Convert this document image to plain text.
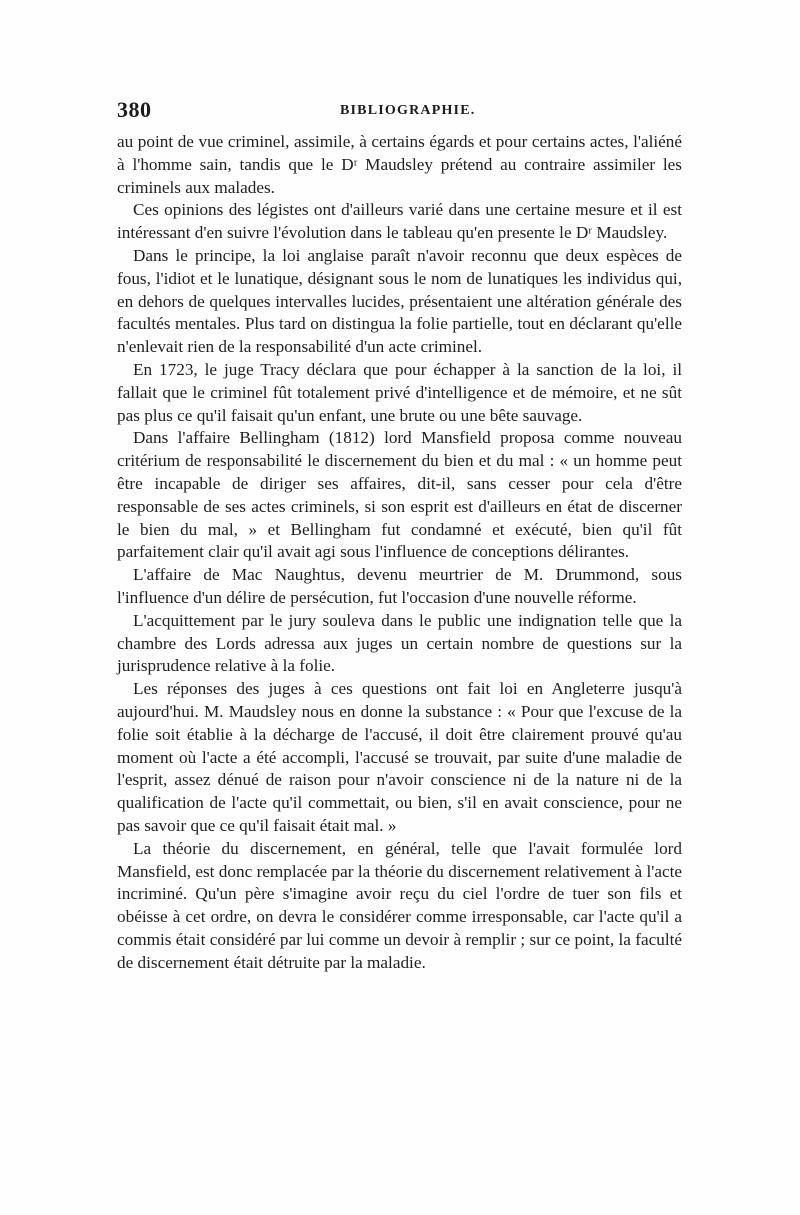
380	BIBLIOGRAPHIE.

au point de vue criminel, assimile, à certains égards et pour certains actes, l'aliéné à l'homme sain, tandis que le Dʳ Maudsley prétend au contraire assimiler les criminels aux malades.

Ces opinions des légistes ont d'ailleurs varié dans une certaine mesure et il est intéressant d'en suivre l'évolution dans le tableau qu'en presente le Dʳ Maudsley.

Dans le principe, la loi anglaise paraît n'avoir reconnu que deux espèces de fous, l'idiot et le lunatique, désignant sous le nom de lunatiques les individus qui, en dehors de quelques intervalles lucides, présentaient une altération générale des facultés mentales. Plus tard on distingua la folie partielle, tout en déclarant qu'elle n'enlevait rien de la responsabilité d'un acte criminel.

En 1723, le juge Tracy déclara que pour échapper à la sanction de la loi, il fallait que le criminel fût totalement privé d'intelligence et de mémoire, et ne sût pas plus ce qu'il faisait qu'un enfant, une brute ou une bête sauvage.

Dans l'affaire Bellingham (1812) lord Mansfield proposa comme nouveau critérium de responsabilité le discernement du bien et du mal : « un homme peut être incapable de diriger ses affaires, dit-il, sans cesser pour cela d'être responsable de ses actes criminels, si son esprit est d'ailleurs en état de discerner le bien du mal, » et Bellingham fut condamné et exécuté, bien qu'il fût parfaitement clair qu'il avait agi sous l'influence de conceptions délirantes.

L'affaire de Mac Naughtus, devenu meurtrier de M. Drummond, sous l'influence d'un délire de persécution, fut l'occasion d'une nouvelle réforme.

L'acquittement par le jury souleva dans le public une indignation telle que la chambre des Lords adressa aux juges un certain nombre de questions sur la jurisprudence relative à la folie.

Les réponses des juges à ces questions ont fait loi en Angleterre jusqu'à aujourd'hui. M. Maudsley nous en donne la substance : « Pour que l'excuse de la folie soit établie à la décharge de l'accusé, il doit être clairement prouvé qu'au moment où l'acte a été accompli, l'accusé se trouvait, par suite d'une maladie de l'esprit, assez dénué de raison pour n'avoir conscience ni de la nature ni de la qualification de l'acte qu'il commettait, ou bien, s'il en avait conscience, pour ne pas savoir que ce qu'il faisait était mal. »

La théorie du discernement, en général, telle que l'avait formulée lord Mansfield, est donc remplacée par la théorie du discernement relativement à l'acte incriminé. Qu'un père s'imagine avoir reçu du ciel l'ordre de tuer son fils et obéisse à cet ordre, on devra le considérer comme irresponsable, car l'acte qu'il a commis était considéré par lui comme un devoir à remplir ; sur ce point, la faculté de discernement était détruite par la maladie.
